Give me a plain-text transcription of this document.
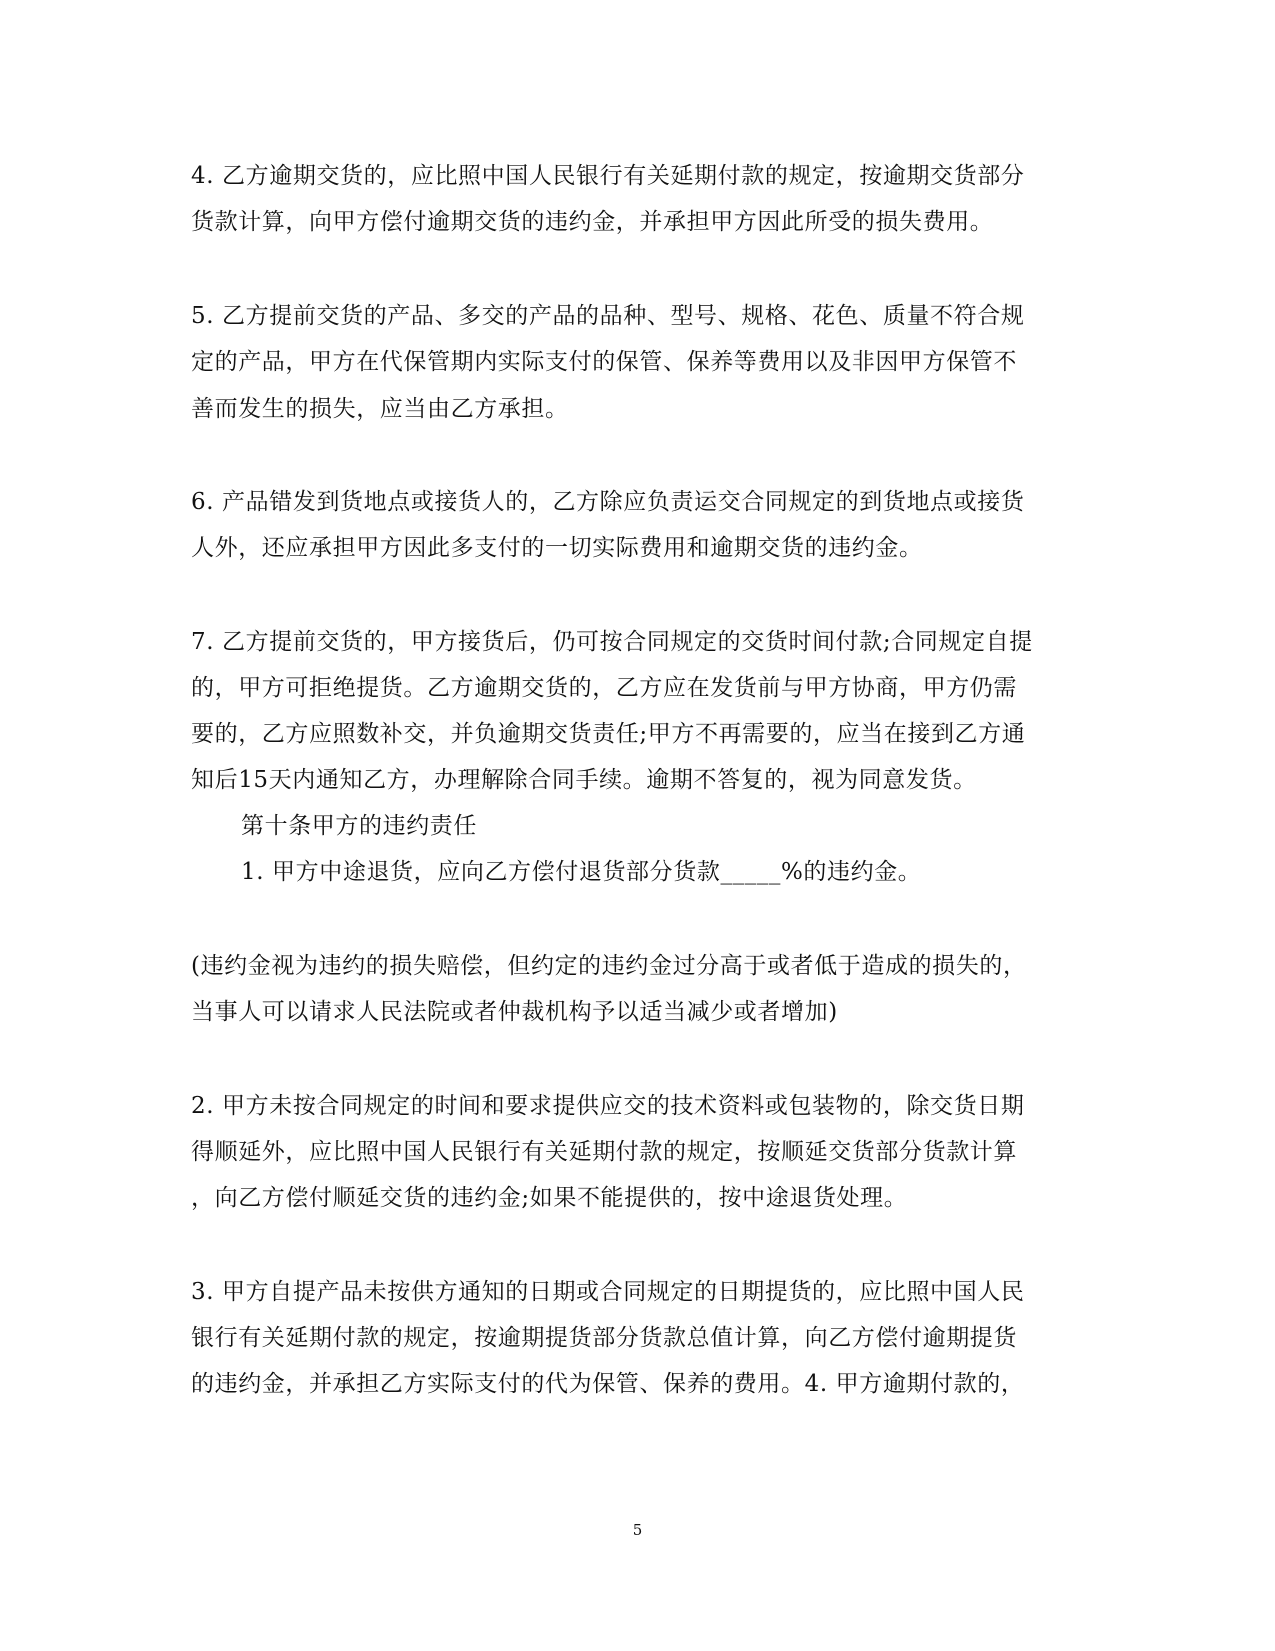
4. 乙方逾期交货的，应比照中国人民银行有关延期付款的规定，按逾期交货部分
货款计算，向甲方偿付逾期交货的违约金，并承担甲方因此所受的损失费用。
5. 乙方提前交货的产品、多交的产品的品种、型号、规格、花色、质量不符合规
定的产品，甲方在代保管期内实际支付的保管、保养等费用以及非因甲方保管不
善而发生的损失，应当由乙方承担。
6. 产品错发到货地点或接货人的，乙方除应负责运交合同规定的到货地点或接货
人外，还应承担甲方因此多支付的一切实际费用和逾期交货的违约金。
7. 乙方提前交货的，甲方接货后，仍可按合同规定的交货时间付款;合同规定自提
的，甲方可拒绝提货。乙方逾期交货的，乙方应在发货前与甲方协商，甲方仍需
要的，乙方应照数补交，并负逾期交货责任;甲方不再需要的，应当在接到乙方通
知后15天内通知乙方，办理解除合同手续。逾期不答复的，视为同意发货。
第十条甲方的违约责任
1. 甲方中途退货，应向乙方偿付退货部分货款_____%的违约金。
(违约金视为违约的损失赔偿，但约定的违约金过分高于或者低于造成的损失的，
当事人可以请求人民法院或者仲裁机构予以适当减少或者增加)
2. 甲方未按合同规定的时间和要求提供应交的技术资料或包装物的，除交货日期
得顺延外，应比照中国人民银行有关延期付款的规定，按顺延交货部分货款计算
，向乙方偿付顺延交货的违约金;如果不能提供的，按中途退货处理。
3. 甲方自提产品未按供方通知的日期或合同规定的日期提货的，应比照中国人民
银行有关延期付款的规定，按逾期提货部分货款总值计算，向乙方偿付逾期提货
的违约金，并承担乙方实际支付的代为保管、保养的费用。4. 甲方逾期付款的，
5
